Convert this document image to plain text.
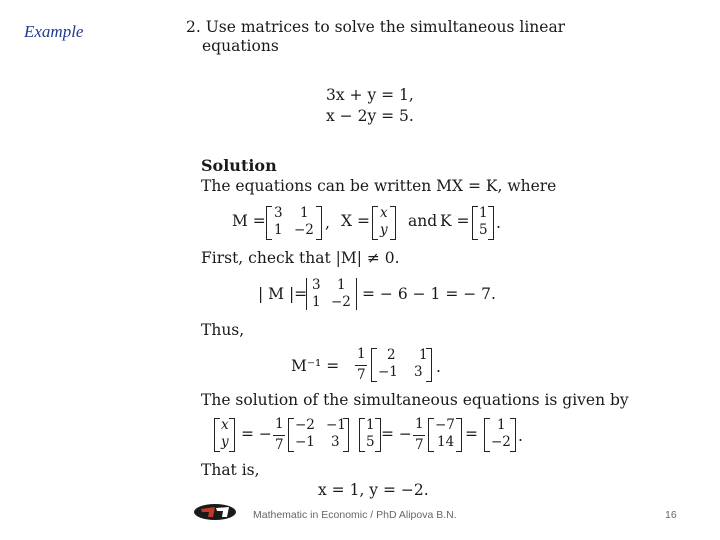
Example	2. Use matrices to solve the simultaneous linear
equations
3x + y = 1,
x − 2y = 5.
Solution
The equations can be written MX = K, where
M = 3 1
1 −2 , X = x
y and K = 1
5 .
First, check that |M| ≠ 0.
| M |= 3 1
1 −2 = − 6 − 1 = − 7.
Thus,
M⁻¹ =
1
7
2 1
−1 3 .
The solution of the simultaneous equations is given by
x
y = −
1
7
−2 −1
−1 3
1
5 = −
1
7
−7
14 = 1
−2 .
That is,
x = 1, y = −2.
Mathematic in Economic / PhD Alipova B.N.	16
